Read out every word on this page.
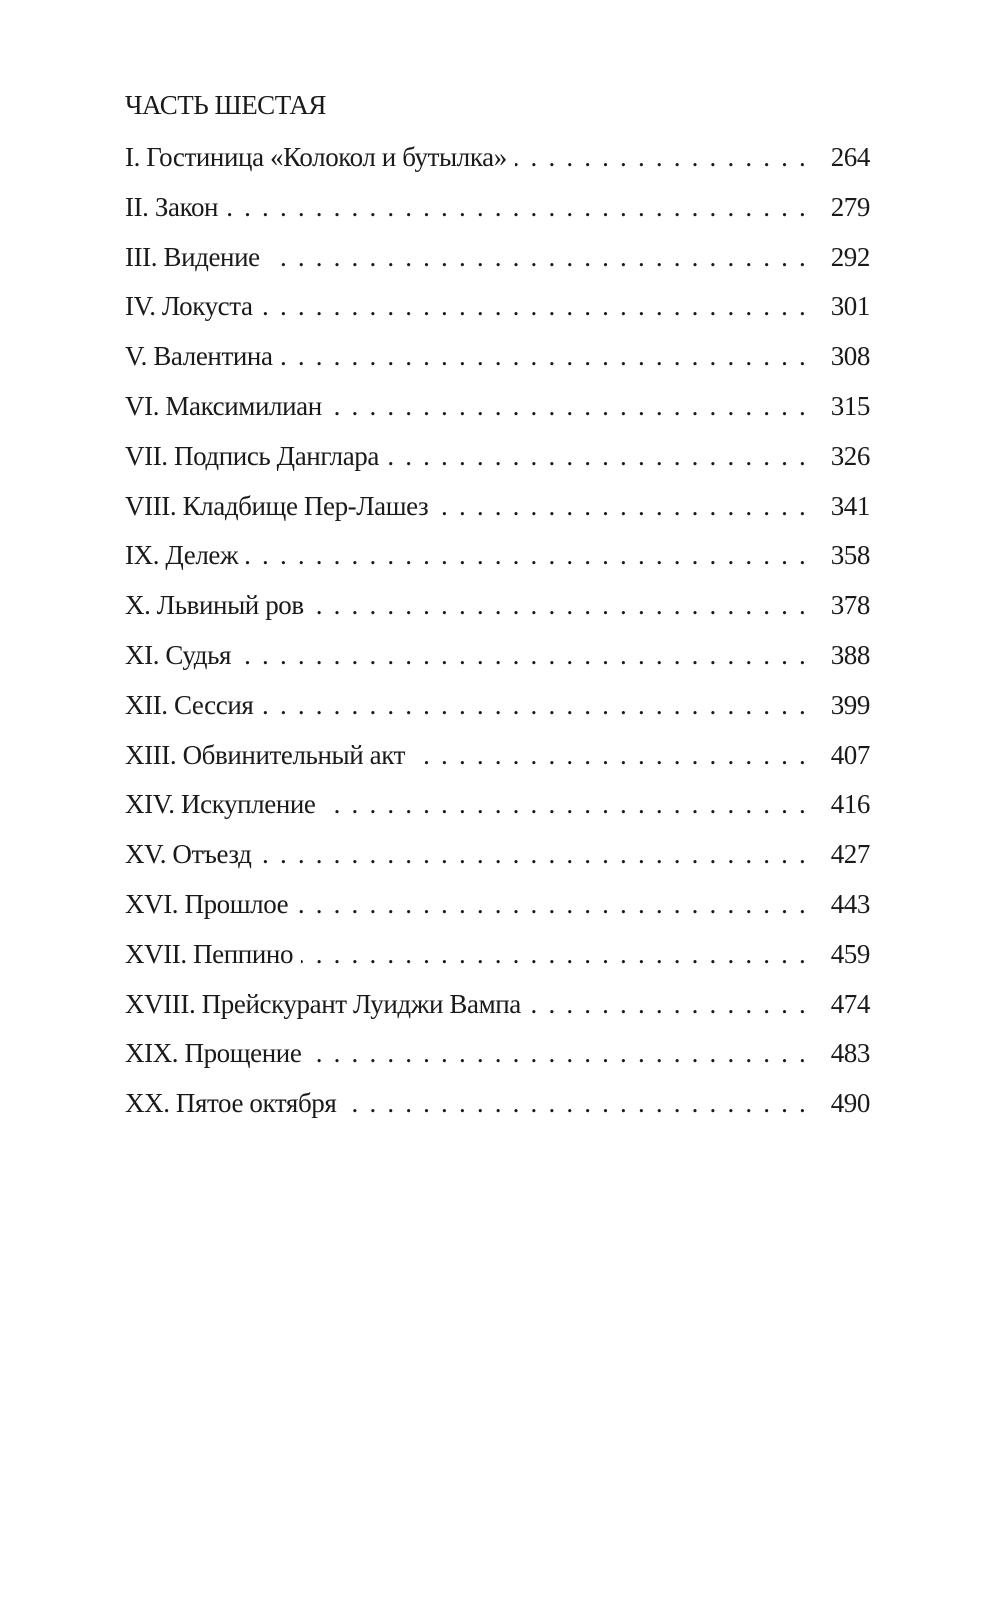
ЧАСТЬ ШЕСТАЯ
I. Гостиница «Колокол и бутылка» . . .	264
II. Закон . . .	279
III. Видение . . .	292
IV. Локуста . . .	301
V. Валентина . . .	308
VI. Максимилиан . . .	315
VII. Подпись Данглара . . .	326
VIII. Кладбище Пер-Лашез . . .	341
IX. Дележ . . .	358
X. Львиный ров . . .	378
XI. Судья . . .	388
XII. Сессия . . .	399
XIII. Обвинительный акт . . .	407
XIV. Искупление . . .	416
XV. Отъезд . . .	427
XVI. Прошлое . . .	443
XVII. Пеппино . . .	459
XVIII. Прейскурант Луиджи Вампа . . .	474
XIX. Прощение . . .	483
XX. Пятое октября . . .	490
